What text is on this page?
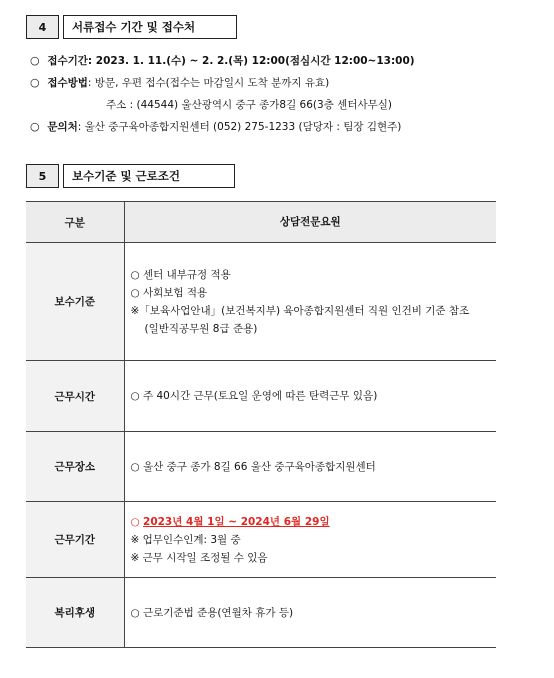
4	서류접수 기간 및 접수처
○ 접수기간: 2023. 1. 11.(수) ~ 2. 2.(목) 12:00(점심시간 12:00~13:00)
○ 접수방법: 방문, 우편 접수(접수는 마감일시 도착 분까지 유효)
주소 : (44544) 울산광역시 중구 종가8길 66(3층 센터사무실)
○ 문의처: 울산 중구육아종합지원센터 (052) 275-1233 (담당자 : 팀장 김현주)
5	보수기준 및 근로조건
구분	상담전문요원
보수기준	○ 센터 내부규정 적용
○ 사회보험 적용
※「보육사업안내」(보건복지부) 육아종합지원센터 직원 인건비 기준 참조
(일반직공무원 8급 준용)

근무시간	○ 주 40시간 근무(토요일 운영에 따른 탄력근무 있음)

근무장소	○ 울산 중구 종가 8길 66 울산 중구육아종합지원센터

근무기간	○ 2023년 4월 1일 ~ 2024년 6월 29일
※ 업무인수인계: 3월 중
※ 근무 시작일 조정될 수 있음

복리후생	○ 근로기준법 준용(연월차 휴가 등)
